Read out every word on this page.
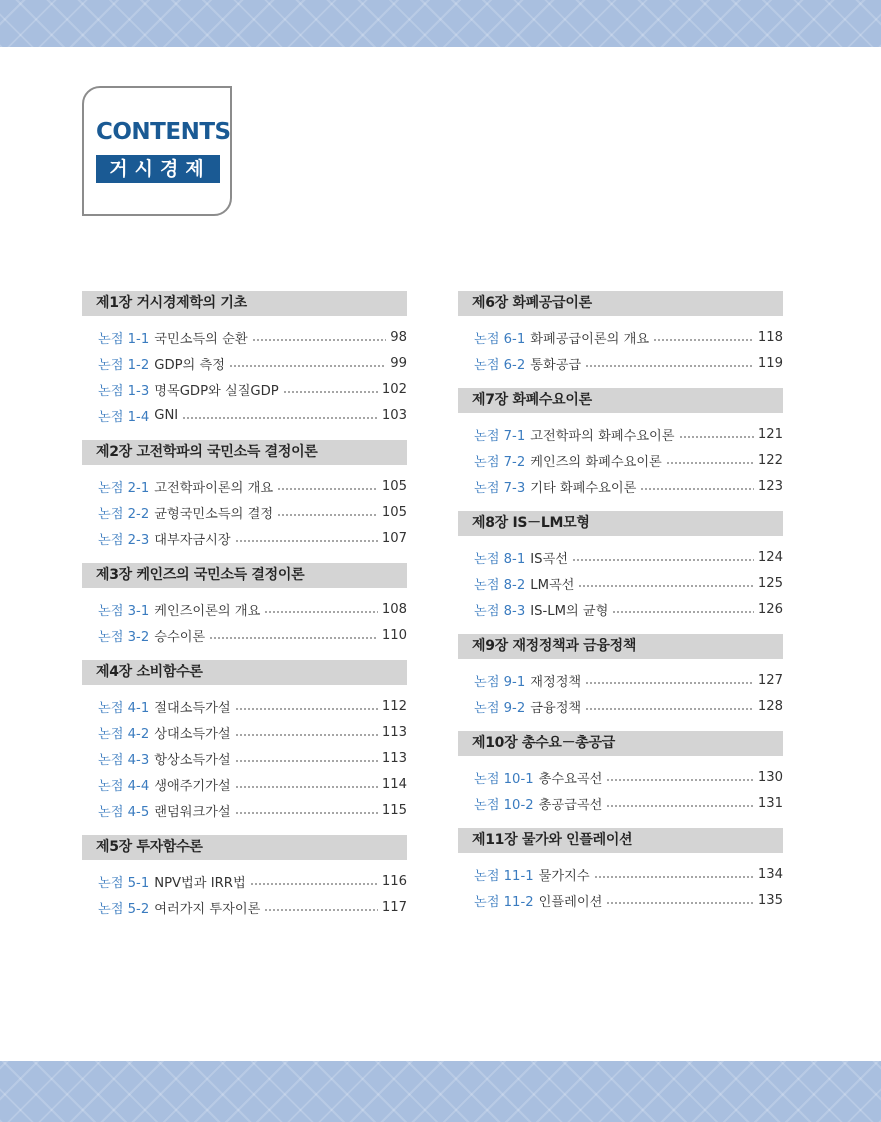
CONTENTS
거시경제학
제1장 거시경제학의 기초
논점 1-1 국민소득의 순환	98
논점 1-2 GDP의 측정	99
논점 1-3 명목GDP와 실질GDP	102
논점 1-4 GNI	103
제2장 고전학파의 국민소득 결정이론
논점 2-1 고전학파이론의 개요	105
논점 2-2 균형국민소득의 결정	105
논점 2-3 대부자금시장	107
제3장 케인즈의 국민소득 결정이론
논점 3-1 케인즈이론의 개요	108
논점 3-2 승수이론	110
제4장 소비함수론
논점 4-1 절대소득가설	112
논점 4-2 상대소득가설	113
논점 4-3 항상소득가설	113
논점 4-4 생애주기가설	114
논점 4-5 랜덤워크가설	115
제5장 투자함수론
논점 5-1 NPV법과 IRR법	116
논점 5-2 여러가지 투자이론	117
제6장 화폐공급이론
논점 6-1 화폐공급이론의 개요	118
논점 6-2 통화공급	119
제7장 화폐수요이론
논점 7-1 고전학파의 화폐수요이론	121
논점 7-2 케인즈의 화폐수요이론	122
논점 7-3 기타 화폐수요이론	123
제8장 IS－LM모형
논점 8-1 IS곡선	124
논점 8-2 LM곡선	125
논점 8-3 IS-LM의 균형	126
제9장 재정정책과 금융정책
논점 9-1 재정정책	127
논점 9-2 금융정책	128
제10장 총수요－총공급
논점 10-1 총수요곡선	130
논점 10-2 총공급곡선	131
제11장 물가와 인플레이션
논점 11-1 물가지수	134
논점 11-2 인플레이션	135
